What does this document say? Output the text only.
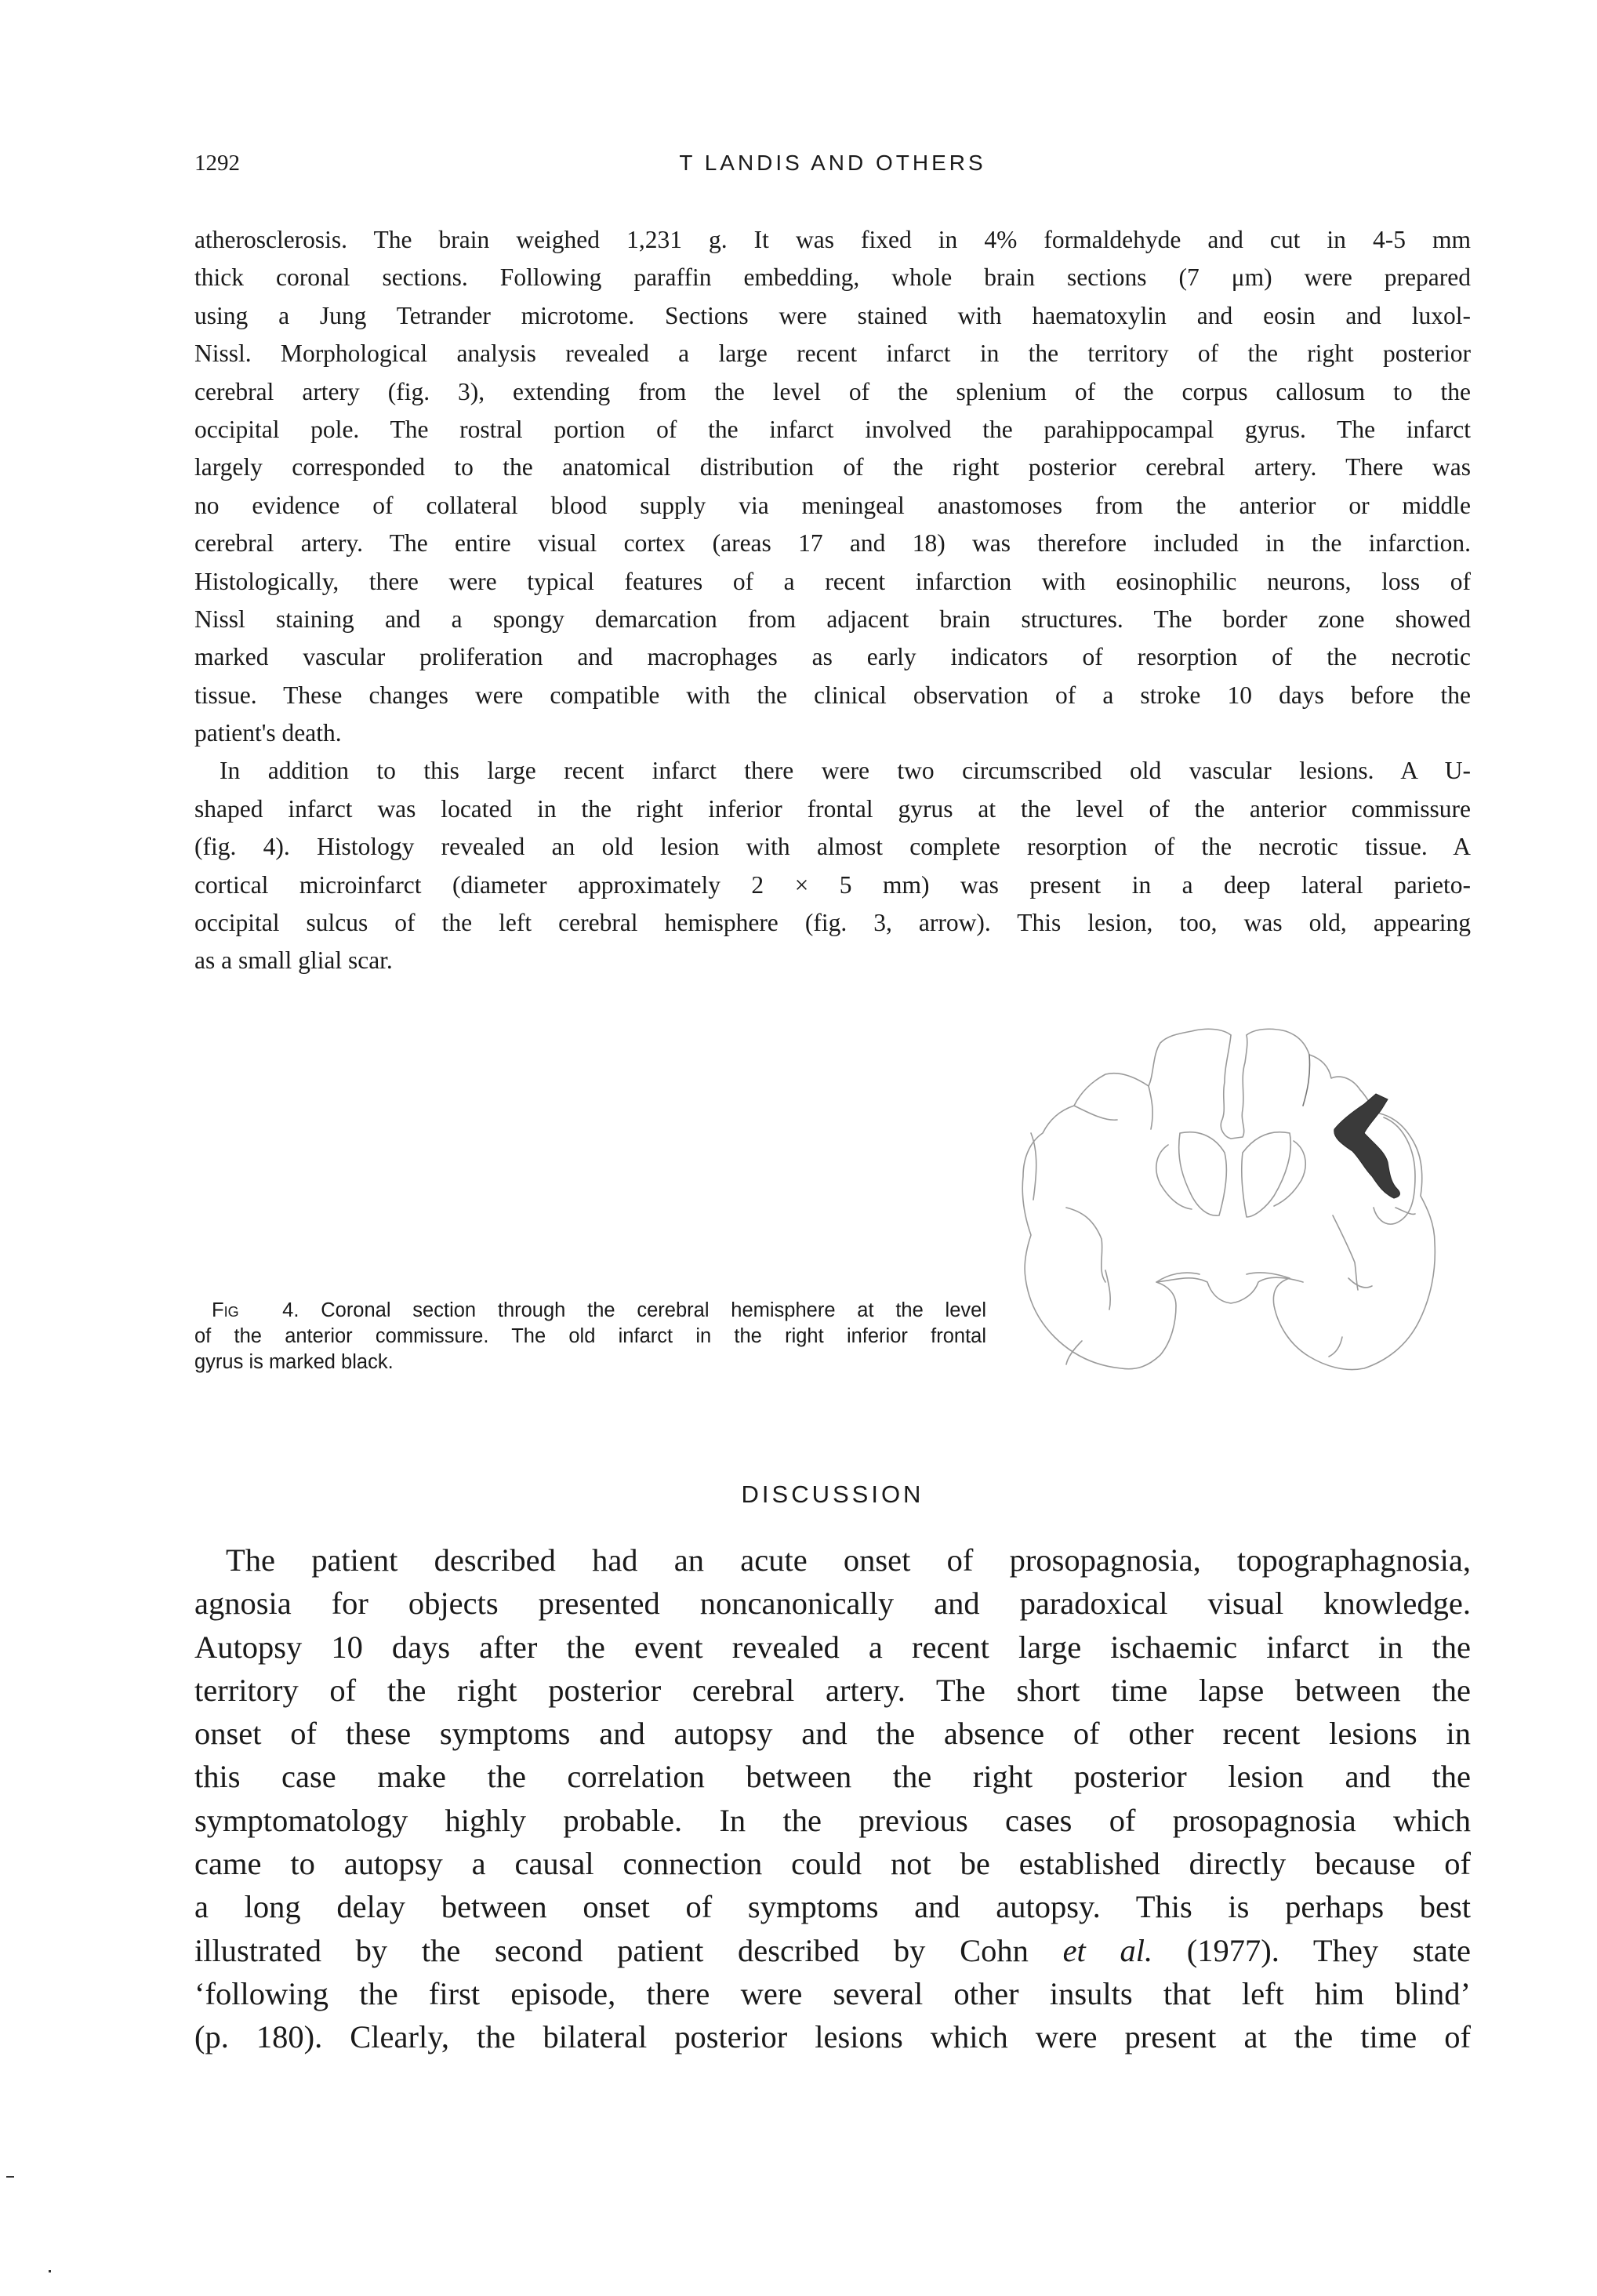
1292	T LANDIS AND OTHERS
atherosclerosis. The brain weighed 1,231 g. It was fixed in 4% formaldehyde and cut in 4-5 mm
thick coronal sections. Following paraffin embedding, whole brain sections (7 μm) were prepared
using a Jung Tetrander microtome. Sections were stained with haematoxylin and eosin and luxol-
Nissl. Morphological analysis revealed a large recent infarct in the territory of the right posterior
cerebral artery (fig. 3), extending from the level of the splenium of the corpus callosum to the
occipital pole. The rostral portion of the infarct involved the parahippocampal gyrus. The infarct
largely corresponded to the anatomical distribution of the right posterior cerebral artery. There was
no evidence of collateral blood supply via meningeal anastomoses from the anterior or middle
cerebral artery. The entire visual cortex (areas 17 and 18) was therefore included in the infarction.
Histologically, there were typical features of a recent infarction with eosinophilic neurons, loss of
Nissl staining and a spongy demarcation from adjacent brain structures. The border zone showed
marked vascular proliferation and macrophages as early indicators of resorption of the necrotic
tissue. These changes were compatible with the clinical observation of a stroke 10 days before the
patient's death.
In addition to this large recent infarct there were two circumscribed old vascular lesions. A U-
shaped infarct was located in the right inferior frontal gyrus at the level of the anterior commissure
(fig. 4). Histology revealed an old lesion with almost complete resorption of the necrotic tissue. A
cortical microinfarct (diameter approximately 2 × 5 mm) was present in a deep lateral parieto-
occipital sulcus of the left cerebral hemisphere (fig. 3, arrow). This lesion, too, was old, appearing
as a small glial scar.
Fig 4. Coronal section through the cerebral hemisphere at the level
of the anterior commissure. The old infarct in the right inferior frontal
gyrus is marked black.
DISCUSSION
The patient described had an acute onset of prosopagnosia, topographagnosia,
agnosia for objects presented noncanonically and paradoxical visual knowledge.
Autopsy 10 days after the event revealed a recent large ischaemic infarct in the
territory of the right posterior cerebral artery. The short time lapse between the
onset of these symptoms and autopsy and the absence of other recent lesions in
this case make the correlation between the right posterior lesion and the
symptomatology highly probable. In the previous cases of prosopagnosia which
came to autopsy a causal connection could not be established directly because of
a long delay between onset of symptoms and autopsy. This is perhaps best
illustrated by the second patient described by Cohn et al. (1977). They state
‘following the first episode, there were several other insults that left him blind’
(p. 180). Clearly, the bilateral posterior lesions which were present at the time of
